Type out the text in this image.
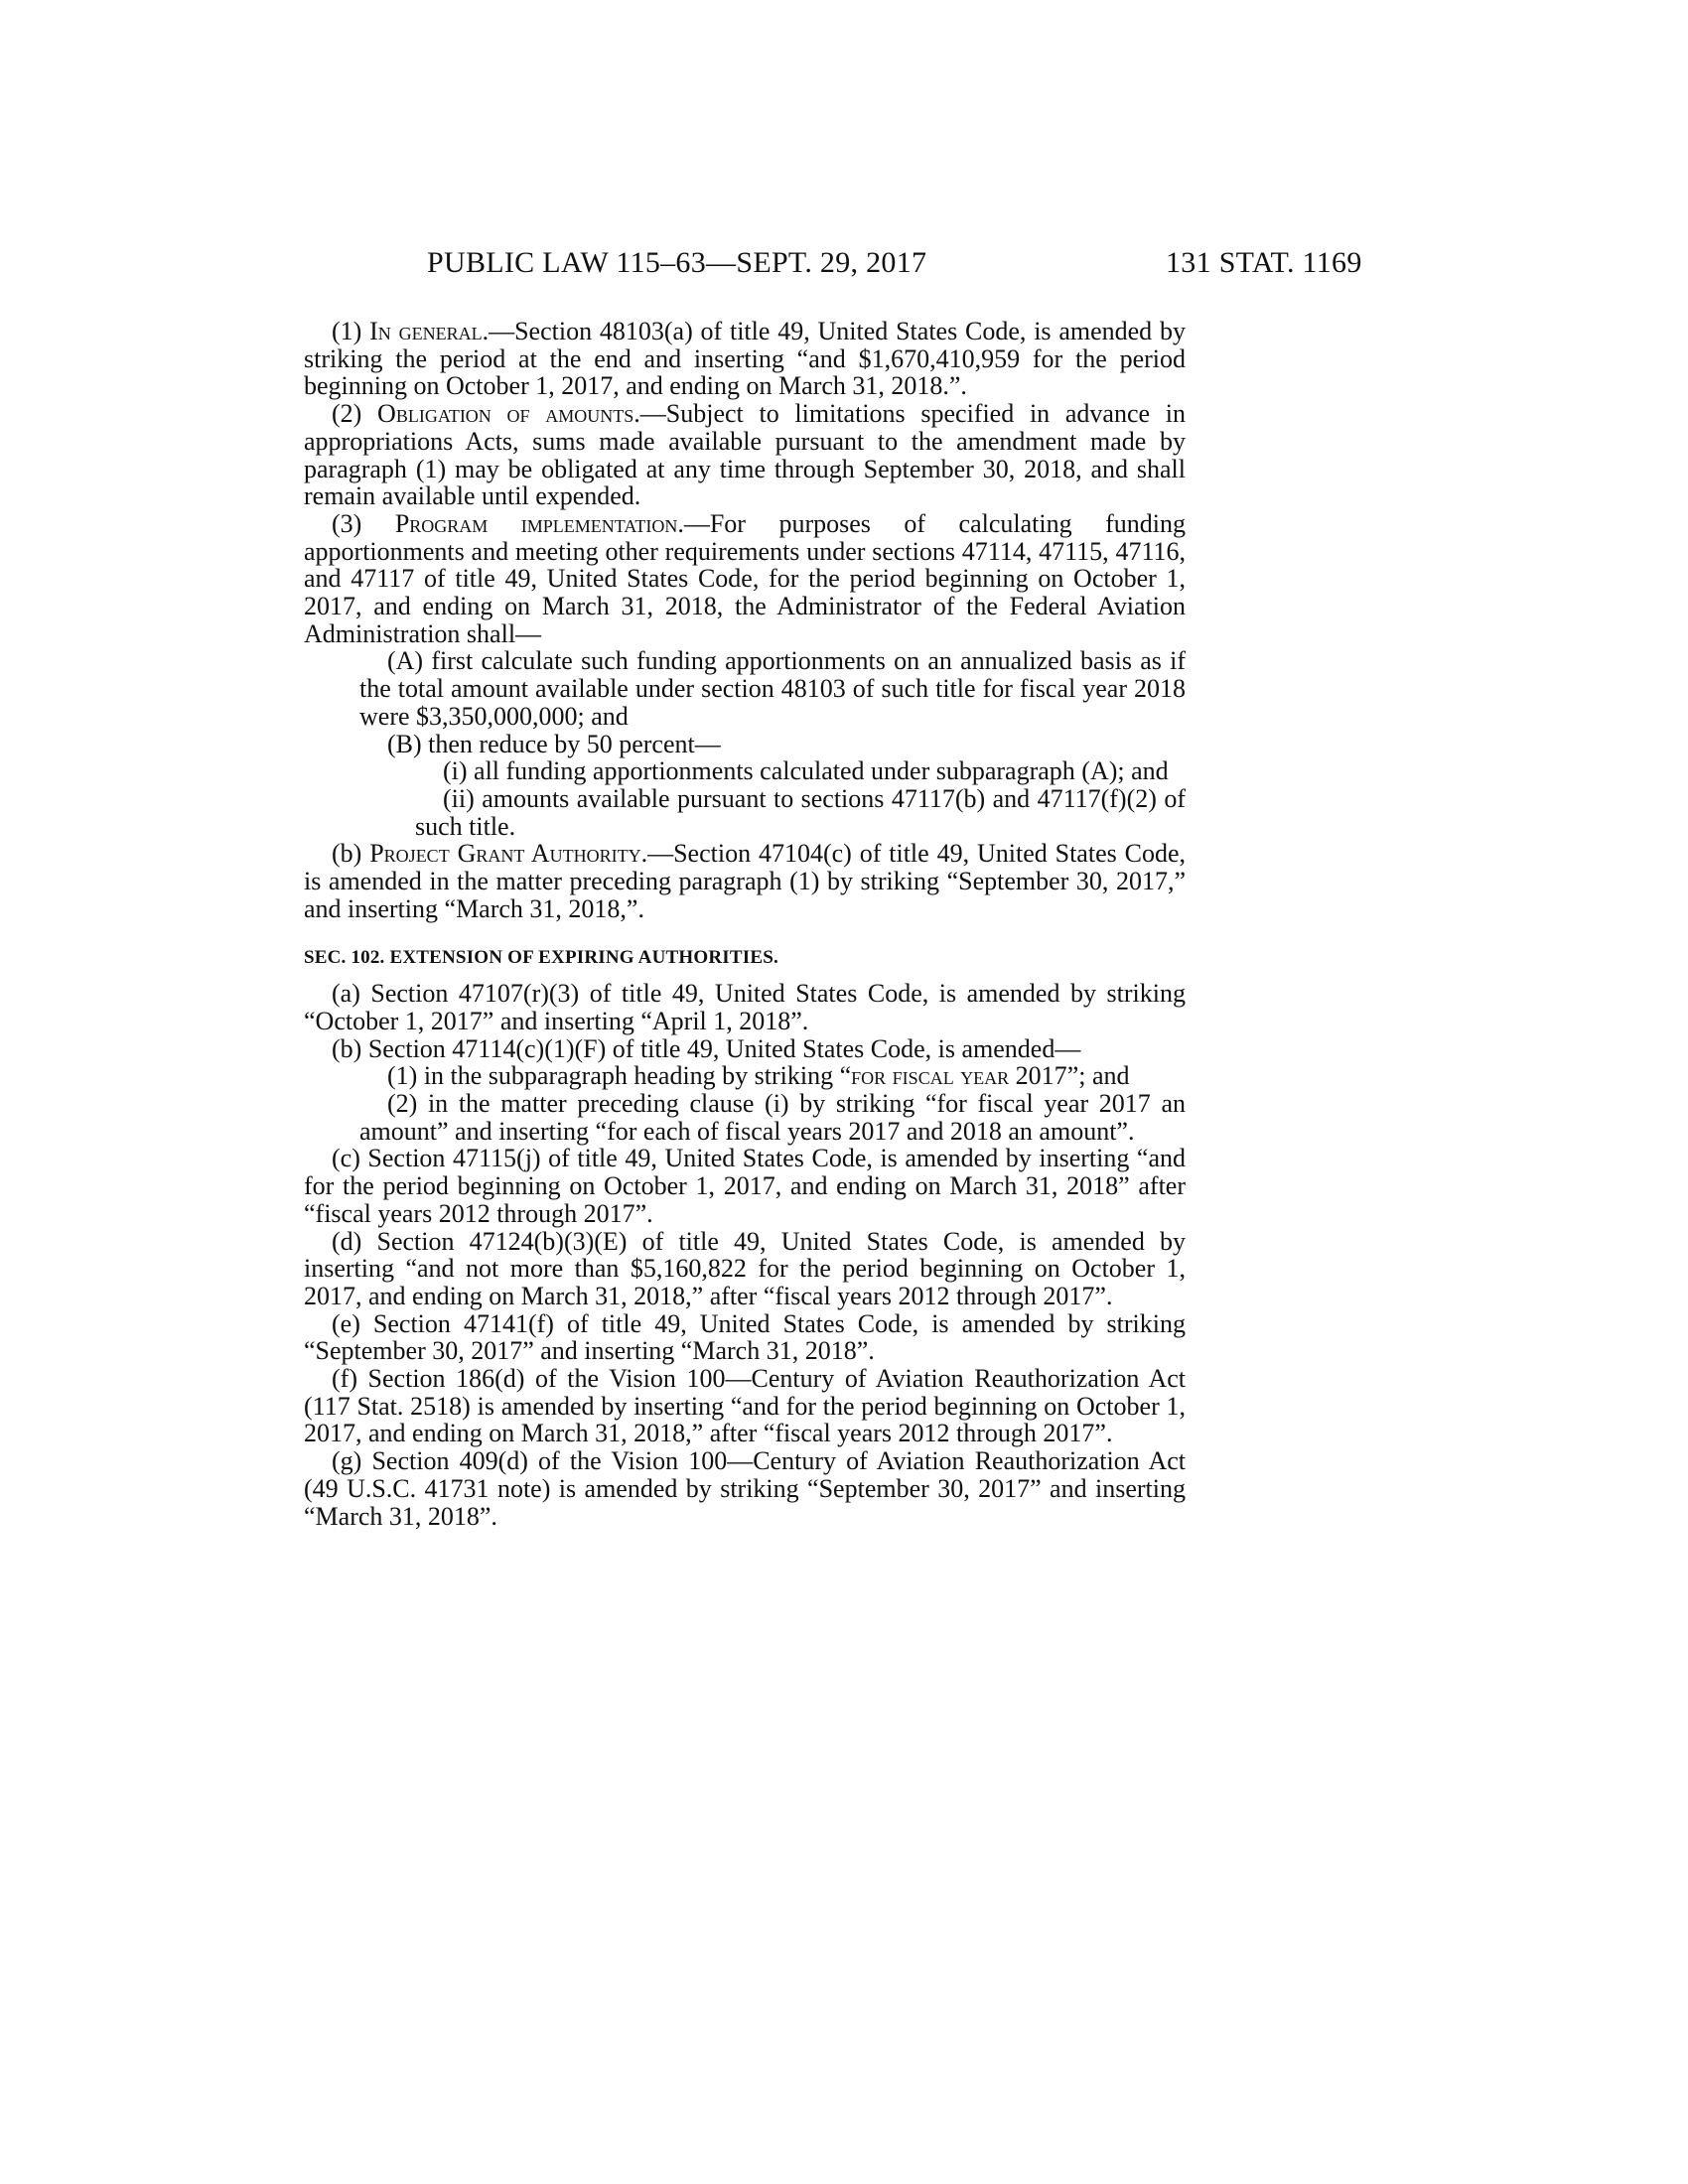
PUBLIC LAW 115–63—SEPT. 29, 2017	131 STAT. 1169

(1) In general.—Section 48103(a) of title 49, United States Code, is amended by striking the period at the end and inserting “and $1,670,410,959 for the period beginning on October 1, 2017, and ending on March 31, 2018.”.

(2) Obligation of amounts.—Subject to limitations specified in advance in appropriations Acts, sums made available pursuant to the amendment made by paragraph (1) may be obligated at any time through September 30, 2018, and shall remain available until expended.

(3) Program implementation.—For purposes of calculating funding apportionments and meeting other requirements under sections 47114, 47115, 47116, and 47117 of title 49, United States Code, for the period beginning on October 1, 2017, and ending on March 31, 2018, the Administrator of the Federal Aviation Administration shall—

(A) first calculate such funding apportionments on an annualized basis as if the total amount available under section 48103 of such title for fiscal year 2018 were $3,350,000,000; and

(B) then reduce by 50 percent—

(i) all funding apportionments calculated under subparagraph (A); and

(ii) amounts available pursuant to sections 47117(b) and 47117(f)(2) of such title.

(b) Project Grant Authority.—Section 47104(c) of title 49, United States Code, is amended in the matter preceding paragraph (1) by striking “September 30, 2017,” and inserting “March 31, 2018,”.

SEC. 102. EXTENSION OF EXPIRING AUTHORITIES.

(a) Section 47107(r)(3) of title 49, United States Code, is amended by striking “October 1, 2017” and inserting “April 1, 2018”.

(b) Section 47114(c)(1)(F) of title 49, United States Code, is amended—

(1) in the subparagraph heading by striking “for fiscal year 2017”; and

(2) in the matter preceding clause (i) by striking “for fiscal year 2017 an amount” and inserting “for each of fiscal years 2017 and 2018 an amount”.

(c) Section 47115(j) of title 49, United States Code, is amended by inserting “and for the period beginning on October 1, 2017, and ending on March 31, 2018” after “fiscal years 2012 through 2017”.

(d) Section 47124(b)(3)(E) of title 49, United States Code, is amended by inserting “and not more than $5,160,822 for the period beginning on October 1, 2017, and ending on March 31, 2018,” after “fiscal years 2012 through 2017”.

(e) Section 47141(f) of title 49, United States Code, is amended by striking “September 30, 2017” and inserting “March 31, 2018”.

(f) Section 186(d) of the Vision 100—Century of Aviation Reauthorization Act (117 Stat. 2518) is amended by inserting “and for the period beginning on October 1, 2017, and ending on March 31, 2018,” after “fiscal years 2012 through 2017”.

(g) Section 409(d) of the Vision 100—Century of Aviation Reauthorization Act (49 U.S.C. 41731 note) is amended by striking “September 30, 2017” and inserting “March 31, 2018”.
